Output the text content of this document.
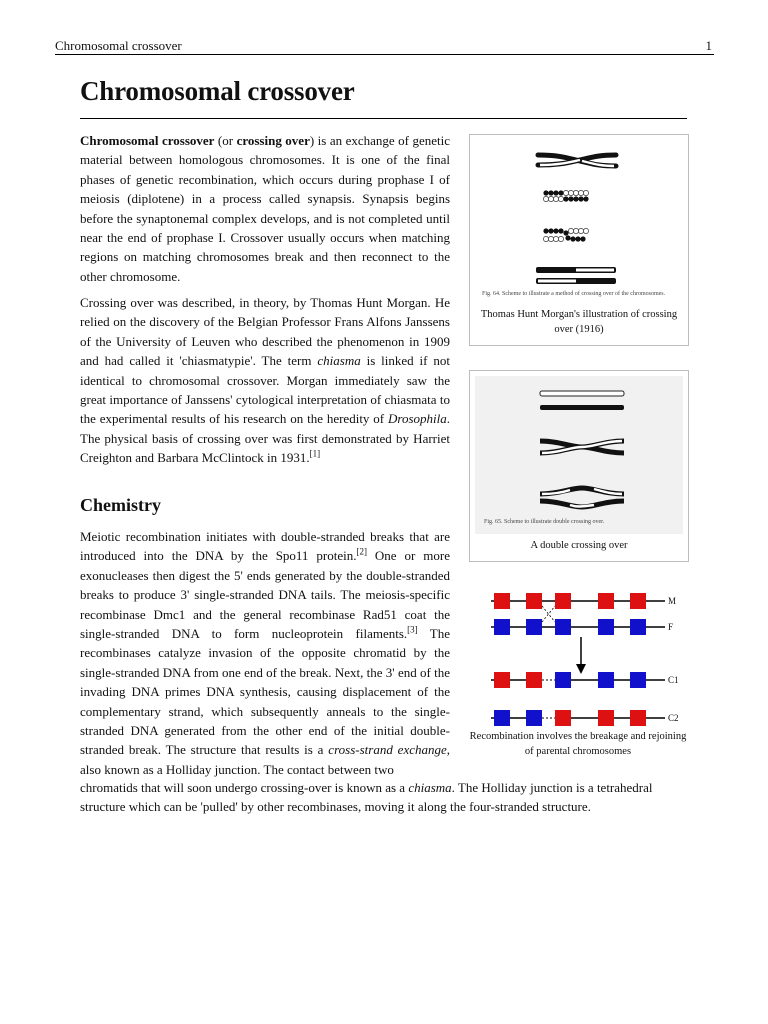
Chromosomal crossover	1
Chromosomal crossover

Chromosomal crossover (or crossing over) is an exchange of genetic material between homologous chromosomes. It is one of the final phases of genetic recombination, which occurs during prophase I of meiosis (diplotene) in a process called synapsis. Synapsis begins before the synaptonemal complex develops, and is not completed until near the end of prophase I. Crossover usually occurs when matching regions on matching chromosomes break and then reconnect to the other chromosome.

Crossing over was described, in theory, by Thomas Hunt Morgan. He relied on the discovery of the Belgian Professor Frans Alfons Janssens of the University of Leuven who described the phenomenon in 1909 and had called it 'chiasmatypie'. The term chiasma is linked if not identical to chromosomal crossover. Morgan immediately saw the great importance of Janssens' cytological interpretation of chiasmata to the experimental results of his research on the heredity of Drosophila. The physical basis of crossing over was first demonstrated by Harriet Creighton and Barbara McClintock in 1931.[1]

Chemistry

Meiotic recombination initiates with double-stranded breaks that are introduced into the DNA by the Spo11 protein.[2] One or more exonucleases then digest the 5' ends generated by the double-stranded breaks to produce 3' single-stranded DNA tails. The meiosis-specific recombinase Dmc1 and the general recombinase Rad51 coat the single-stranded DNA to form nucleoprotein filaments.[3] The recombinases catalyze invasion of the opposite chromatid by the single-stranded DNA from one end of the break. Next, the 3' end of the invading DNA primes DNA synthesis, causing displacement of the complementary strand, which subsequently anneals to the single-stranded DNA generated from the other end of the initial double-stranded break. The structure that results is a cross-strand exchange, also known as a Holliday junction. The contact between two

chromatids that will soon undergo crossing-over is known as a chiasma. The Holliday junction is a tetrahedral structure which can be 'pulled' by other recombinases, moving it along the four-stranded structure.

Fig. 64. Scheme to illustrate a method of crossing over of the chromosomes.
Thomas Hunt Morgan's illustration of crossing over (1916)
Fig. 65. Scheme to illustrate double crossing over.
A double crossing over
M
F
C1
C2
Recombination involves the breakage and rejoining of parental chromosomes
